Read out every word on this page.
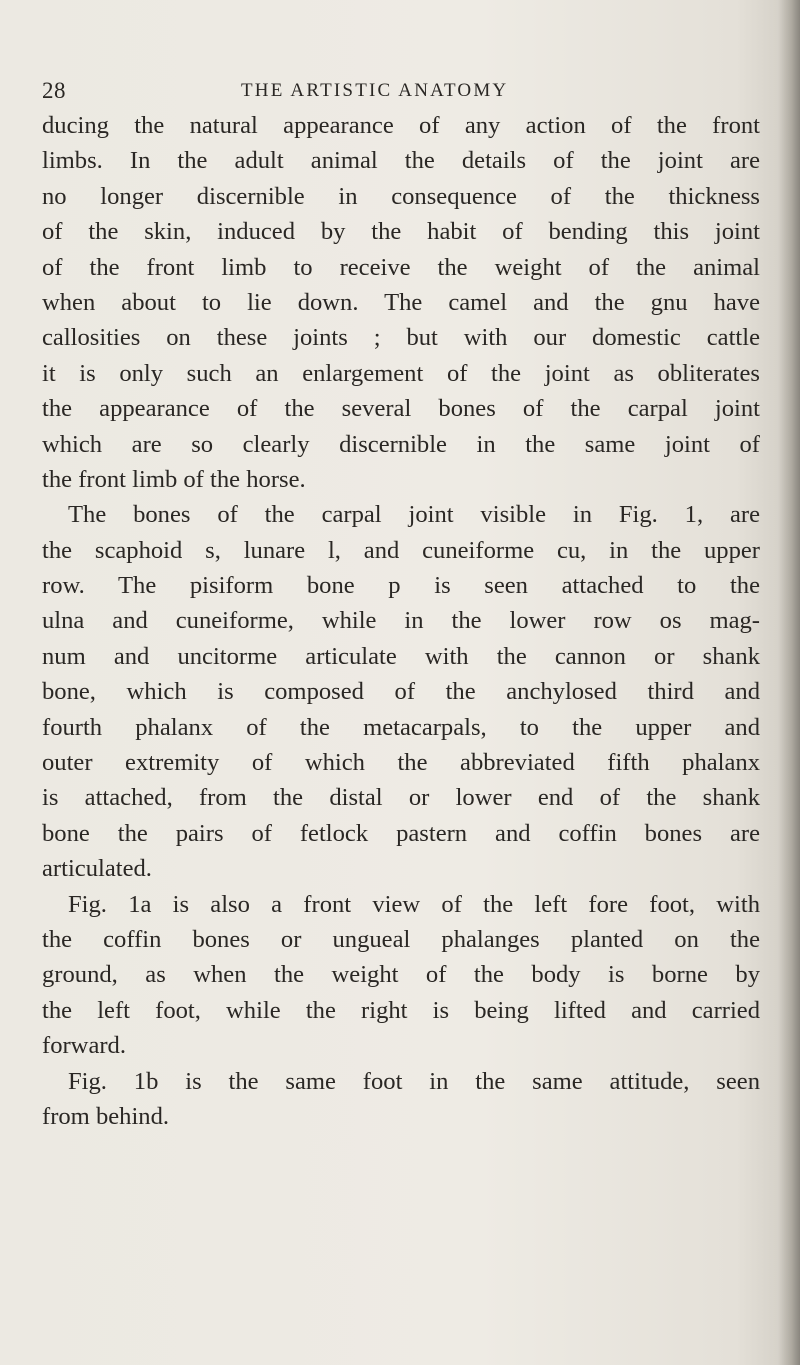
28	THE ARTISTIC ANATOMY
ducing the natural appearance of any action of the front
limbs. In the adult animal the details of the joint are
no longer discernible in consequence of the thickness
of the skin, induced by the habit of bending this joint
of the front limb to receive the weight of the animal
when about to lie down. The camel and the gnu have
callosities on these joints ; but with our domestic cattle
it is only such an enlargement of the joint as obliterates
the appearance of the several bones of the carpal joint
which are so clearly discernible in the same joint of
the front limb of the horse.
The bones of the carpal joint visible in Fig. 1, are
the scaphoid s, lunare l, and cuneiforme cu, in the upper
row. The pisiform bone p is seen attached to the
ulna and cuneiforme, while in the lower row os mag-
num and uncitorme articulate with the cannon or shank
bone, which is composed of the anchylosed third and
fourth phalanx of the metacarpals, to the upper and
outer extremity of which the abbreviated fifth phalanx
is attached, from the distal or lower end of the shank
bone the pairs of fetlock pastern and coffin bones are
articulated.
Fig. 1a is also a front view of the left fore foot, with
the coffin bones or ungueal phalanges planted on the
ground, as when the weight of the body is borne by
the left foot, while the right is being lifted and carried
forward.
Fig. 1b is the same foot in the same attitude, seen
from behind.
